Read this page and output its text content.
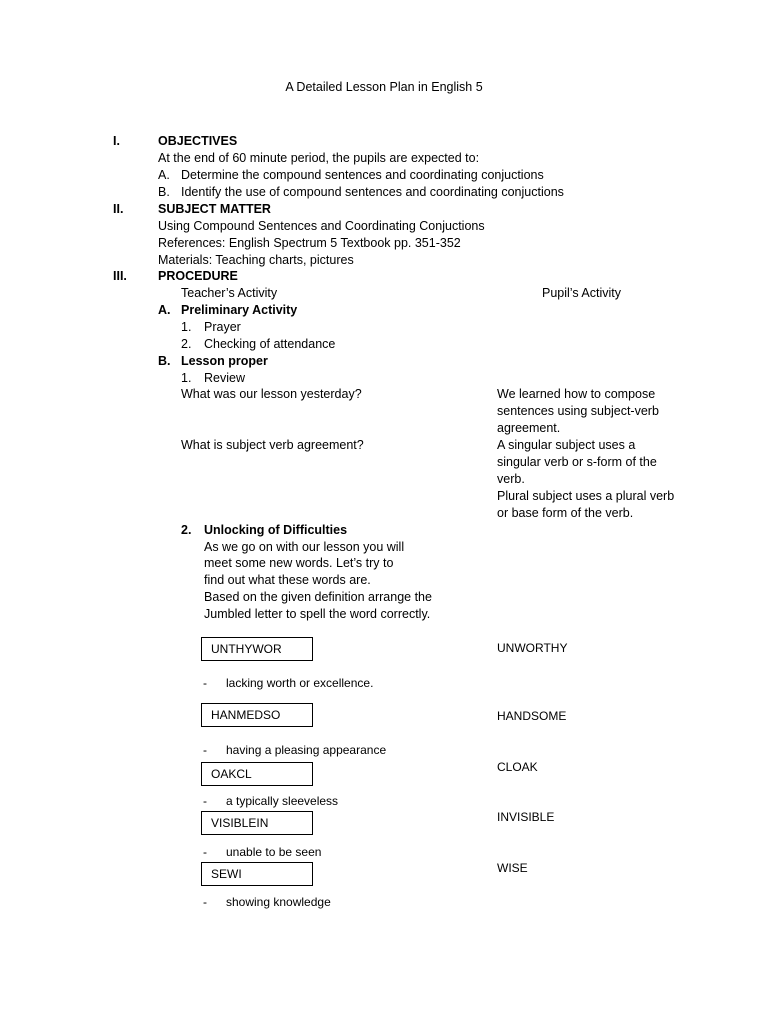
A Detailed Lesson Plan in English 5
I.	OBJECTIVES
At the end of 60 minute period, the pupils are expected to:
A. Determine the compound sentences and coordinating conjuctions
B. Identify the use of compound sentences and coordinating conjuctions
II.	SUBJECT MATTER
Using Compound Sentences and Coordinating Conjuctions
References: English Spectrum 5 Textbook pp. 351-352
Materials: Teaching charts, pictures
III. PROCEDURE
Teacher’s Activity	Pupil’s Activity
A. Preliminary Activity
1. Prayer
2. Checking of attendance
B. Lesson proper
1. Review
What was our lesson yesterday?	We learned how to compose
sentences using subject-verb
agreement.
What is subject verb agreement?	A singular subject uses a
singular verb or s-form of the
verb.
Plural subject uses a plural verb
or base form of the verb.
2. Unlocking of Difficulties
As we go on with our lesson you will
meet some new words. Let’s try to
find out what these words are.
Based on the given definition arrange the
Jumbled letter to spell the word correctly.
UNTHYWOR	UNWORTHY
- lacking worth or excellence.
HANMEDSO	HANDSOME
- having a pleasing appearance
OAKCL	CLOAK
- a typically sleeveless
VISIBLEIN	INVISIBLE
- unable to be seen
SEWI	WISE
- showing knowledge
